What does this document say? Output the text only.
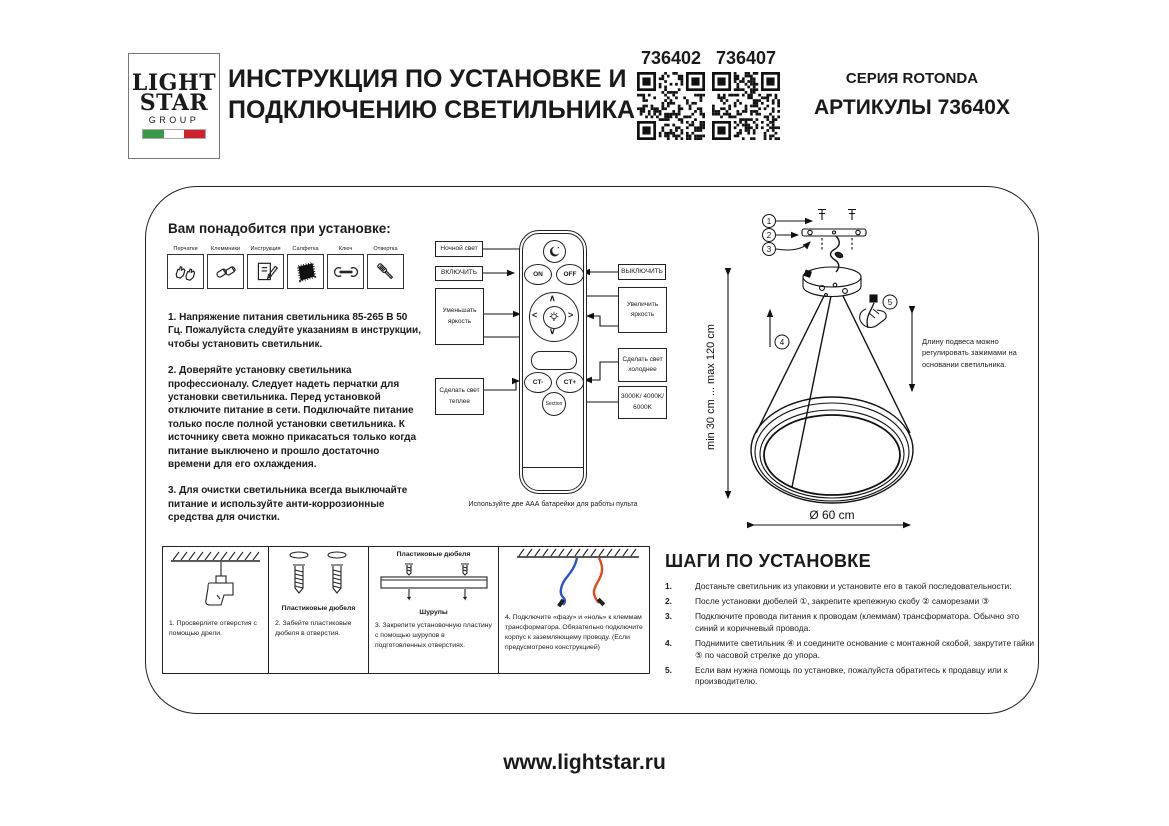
LIGHT
STAR
GROUP
ИНСТРУКЦИЯ ПО УСТАНОВКЕ И
ПОДКЛЮЧЕНИЮ СВЕТИЛЬНИКА
736402 736407
СЕРИЯ ROTONDA
АРТИКУЛЫ 73640X
Вам понадобится при установке:
Перчатки	Клеммники	Инструкция	Салфетка	Ключ	Отвертка

1. Напряжение питания светильника 85-265 В 50 Гц. Пожалуйста следуйте указаниям в инструкции, чтобы установить светильник.

2. Доверяйте установку светильника профессионалу. Следует надеть перчатки для установки светильника. Перед установкой отключите питание в сети. Подключайте питание только после полной установки светильника. К источнику света можно прикасаться только когда питание выключено и прошло достаточно времени для его охлаждения.

3. Для очистки светильника всегда выключайте питание и используйте анти-коррозионные средства для очистки.

Ночной свет
ВКЛЮЧИТЬ
Уменьшать яркость
Сделать свет теплее
ВЫКЛЮЧИТЬ
Увеличить яркость
Сделать свет холоднее
3000K/ 4000K/ 6000K
ON	OFF
∧
∨
<	>
CT-	CT+
Section
Используйте две ААА батарейки для работы пульта
1
2
3
4
5
Ø 60 cm
min 30 cm ... max 120 cm	Длину подвеса можно регулировать зажимами на основании светильника.
1. Просверлите отверстия с помощью дрели.
Пластиковые дюбеля
2. Забейте пластиковые дюбеля в отверстия.
Пластиковые дюбеля
Шурупы
3. Закрепите установочную пластину с помощью шурупов в подготовленных отверстиях.
4. Подключите «фазу» и «ноль» к клеммам трансформатора. Обязательно подключите корпус к заземляющему проводу. (Если предусмотрено конструкцией)
ШАГИ ПО УСТАНОВКЕ
1.	Достаньте светильник из упаковки и установите его в такой последовательности:
2.	После установки дюбелей ①, закрепите крепежную скобу ② саморезами ③
3.	Подключите провода питания к проводам (клеммам) трансформатора. Обычно это синий и коричневый провода.
4.	Поднимите светильник ④ и соедините основание с монтажной скобой, закрутите гайки ⑤ по часовой стрелке до упора.
5.	Если вам нужна помощь по установке, пожалуйста обратитесь к продавцу или к производителю.
www.lightstar.ru
